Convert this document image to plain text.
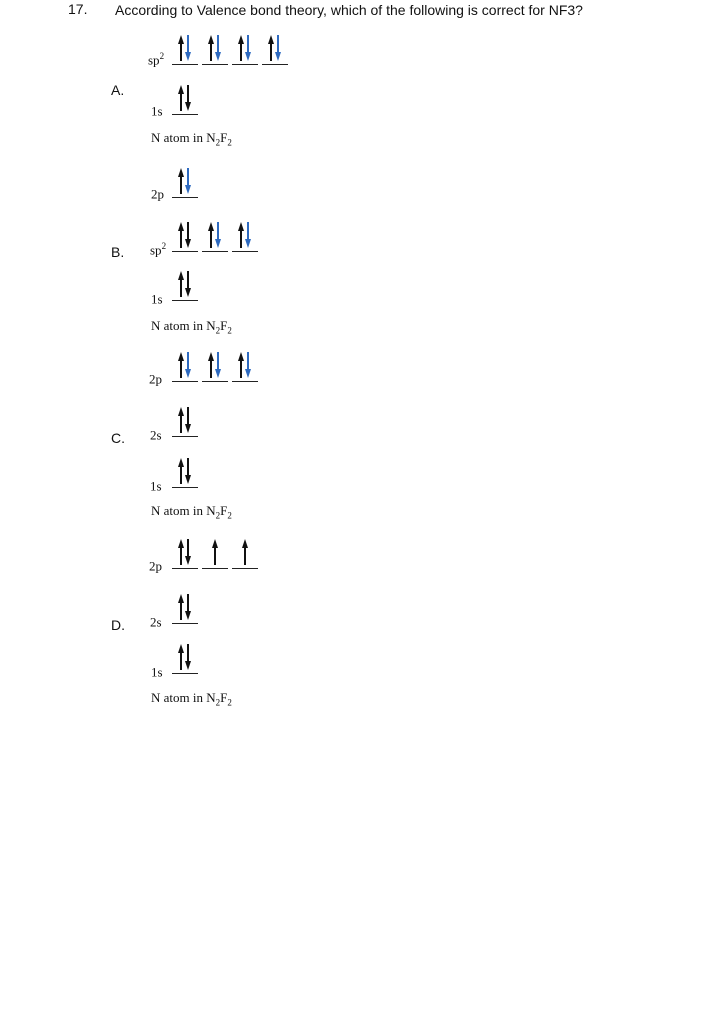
17. According to Valence bond theory, which of the following is correct for NF3?
A.
$sp^2$
1s
N atom in $N_2F_2$
B.
2p
$sp^2$
1s
N atom in $N_2F_2$
C.
2p
2s
1s
N atom in $N_2F_2$
D.
2p
2s
1s
N atom in $N_2F_2$
